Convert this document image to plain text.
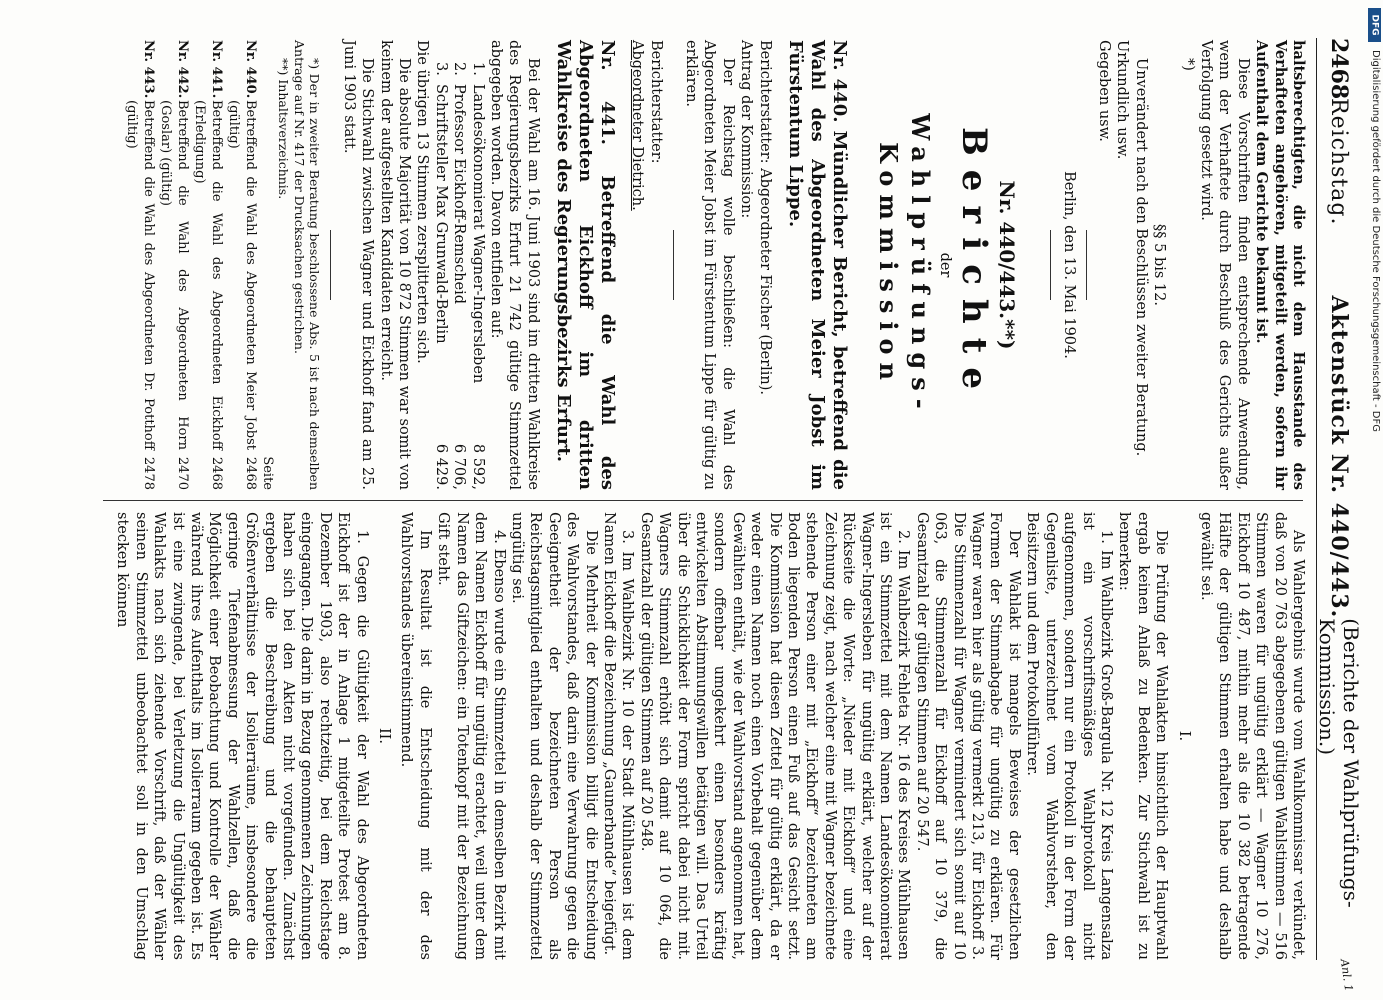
2468
Reichstag.
Aktenstück Nr. 440/443.
(Berichte der Wahlprüfungs-Kommission.)
Anl. 1

haltsberechtigten, die nicht dem Hausstande des Verhafteten angehören, mitgeteilt werden, sofern ihr Aufenthalt dem Gerichte bekannt ist.

Diese Vorschriften finden entsprechende Anwendung, wenn der Verhaftete durch Beschluß des Gerichts außer Verfolgung gesetzt wird.

*)

§§ 5 bis 12.

Unverändert nach den Beschlüssen zweiter Beratung.

Urkundlich usw.

Gegeben usw.

Berlin, den 13. Mai 1904.

Nr. 440/443.**)

Berichte

der

Wahlprüfungs-Kommission

Nr. 440. Mündlicher Bericht, betreffend die Wahl des Abgeordneten Meier Jobst im Fürstentum Lippe.

Berichterstatter: Abgeordneter Fischer (Berlin).

Antrag der Kommission:

Der Reichstag wolle beschließen: die Wahl des Abgeordneten Meier Jobst im Fürstentum Lippe für gültig zu erklären.

Berichterstatter:

Abgeordneter Dietrich.

Nr. 441. Betreffend die Wahl des Abgeordneten Eickhoff im dritten Wahlkreise des Regierungsbezirks Erfurt.

Bei der Wahl am 16. Juni 1903 sind im dritten Wahlkreise des Regierungsbezirks Erfurt 21 742 gültige Stimmzettel abgegeben worden. Davon entfielen auf:

1.
Landesökonomierat Wagner-Ingersleben
8 592,
2.
Professor Eickhoff-Remscheid
6 706,
3.
Schriftsteller Max Grunwald-Berlin
6 429.

Die übrigen 13 Stimmen zersplitterten sich.

Die absolute Majorität von 10 872 Stimmen war somit von keinem der aufgestellten Kandidaten erreicht.

Die Stichwahl zwischen Wagner und Eickhoff fand am 25. Juni 1903 statt.

*) Der in zweiter Beratung beschlossene Abs. 5 ist nach demselben Antrage auf Nr. 417 der Drucksachen gestrichen.

**) Inhaltsverzeichnis.

Seite
Nr. 440.
Betreffend die Wahl des Abgeordneten Meier Jobst (gültig)
2468
Nr. 441.
Betreffend die Wahl des Abgeordneten Eickhoff (Erledigung)
2468
Nr. 442.
Betreffend die Wahl des Abgeordneten Horn (Goslar) (gültig)
2470
Nr. 443.
Betreffend die Wahl des Abgeordneten Dr. Potthoff (gültig)
2478

Als Wahlergebnis wurde vom Wahlkommissar verkündet, daß von 20 763 abgegebenen gültigen Wahlstimmen — 516 Stimmen waren für ungültig erklärt — Wagner 10 276, Eickhoff 10 487, mithin mehr als die 10 382 betragende Hälfte der gültigen Stimmen erhalten habe und deshalb gewählt sei.

I.

Die Prüfung der Wahlakten hinsichtlich der Hauptwahl ergab keinen Anlaß zu Bedenken. Zur Stichwahl ist zu bemerken:

1. Im Wahlbezirk Groß-Bargula Nr. 12 Kreis Langensalza ist ein vorschriftsmäßiges Wahlprotokoll nicht aufgenommen, sondern nur ein Protokoll in der Form der Gegenliste, unterzeichnet vom Wahlvorsteher, den Beisitzern und dem Protokollführer.

Der Wahlakt ist mangels Beweises der gesetzlichen Formen der Stimmabgabe für ungültig zu erklären. Für Wagner waren hier als gültig vermerkt 213, für Eickhoff 3. Die Stimmenzahl für Wagner vermindert sich somit auf 10 063, die Stimmenzahl für Eickhoff auf 10 379, die Gesamtzahl der gültigen Stimmen auf 20 547.

2. Im Wahlbezirk Fehleta Nr. 16 des Kreises Mühlhausen ist ein Stimmzettel mit dem Namen Landesökonomierat Wagner-Ingersleben für ungültig erklärt, welcher auf der Rückseite die Worte: „Nieder mit Eickhoff“ und eine Zeichnung zeigt, nach welcher eine mit Wagner bezeichnete stehende Person einer mit „Eickhoff“ bezeichneten am Boden liegenden Person einen Fuß auf das Gesicht setzt. Die Kommission hat diesen Zettel für gültig erklärt, da er weder einen Namen noch einen Vorbehalt gegenüber dem Gewählten enthält, wie der Wahlvorstand angenommen hat, sondern offenbar umgekehrt einen besonders kräftig entwickelten Abstimmungswillen betätigen will. Das Urteil über die Schicklichkeit der Form spricht dabei nicht mit. Wagners Stimmzahl erhöht sich damit auf 10 064, die Gesamtzahl der gültigen Stimmen auf 20 548.

3. Im Wahlbezirk Nr. 10 der Stadt Mühlhausen ist dem Namen Eickhoff die Bezeichnung „Gaunerbande“ beigefügt.

Die Mehrheit der Kommission billigt die Entscheidung des Wahlvorstandes, daß darin eine Verwahrung gegen die Geeignetheit der bezeichneten Person als Reichstagsmitglied enthalten und deshalb der Stimmzettel ungültig sei.

4. Ebenso wurde ein Stimmzettel in demselben Bezirk mit dem Namen Eickhoff für ungültig erachtet, weil unter dem Namen das Giftzeichen: ein Totenkopf mit der Bezeichnung Gift steht.

Im Resultat ist die Entscheidung mit der des Wahlvorstandes übereinstimmend.

II.

1. Gegen die Gültigkeit der Wahl des Abgeordneten Eickhoff ist der in Anlage 1 mitgeteilte Protest am 8. Dezember 1903, also rechtzeitig, bei dem Reichstage eingegangen. Die darin in Bezug genommenen Zeichnungen haben sich bei den Akten nicht vorgefunden. Zunächst ergeben die Beschreibung und die behaupteten Größenverhältnisse der Isolierräume, insbesondere die geringe Tiefenabmessung der Wahlzellen, daß die Möglichkeit einer Beobachtung und Kontrolle der Wähler während ihres Aufenthalts im Isolierraum gegeben ist. Es ist eine zwingende, bei Verletzung die Ungültigkeit des Wahlakts nach sich ziehende Vorschrift, daß der Wähler seinen Stimmzettel unbeobachtet soll in den Umschlag stecken können

DFG
Digitalisierung gefördert durch die Deutsche Forschungsgemeinschaft - DFG
